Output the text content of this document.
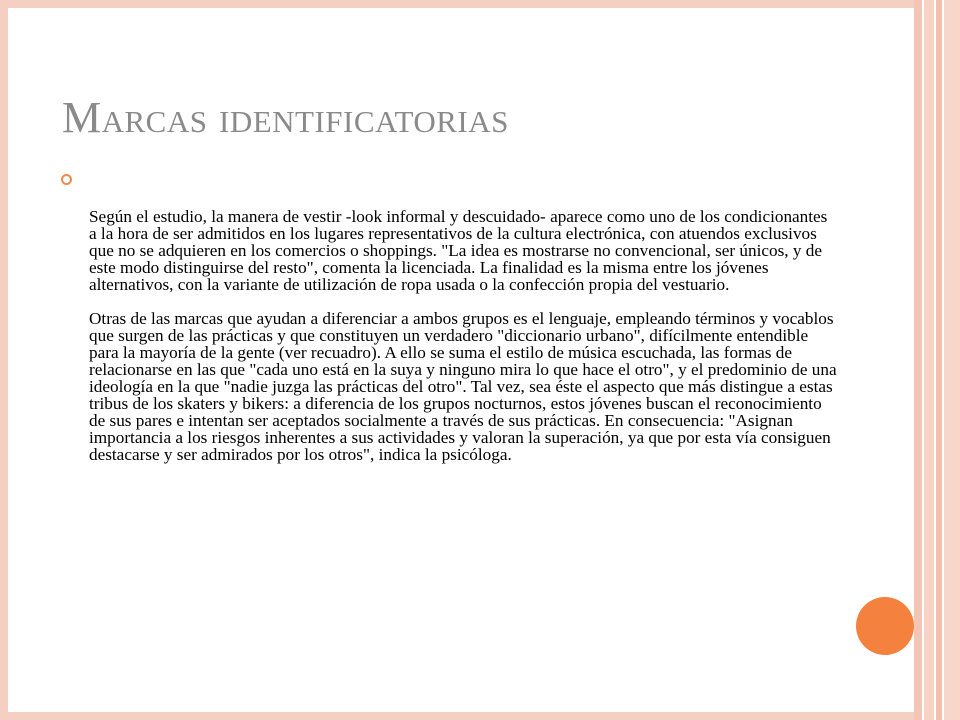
Marcas identificatorias

Según el estudio, la manera de vestir -look informal y descuidado- aparece como uno de los condicionantes a la hora de ser admitidos en los lugares representativos de la cultura electrónica, con atuendos exclusivos que no se adquieren en los comercios o shoppings. "La idea es mostrarse no convencional, ser únicos, y de este modo distinguirse del resto", comenta la licenciada. La finalidad es la misma entre los jóvenes alternativos, con la variante de utilización de ropa usada o la confección propia del vestuario.

Otras de las marcas que ayudan a diferenciar a ambos grupos es el lenguaje, empleando términos y vocablos que surgen de las prácticas y que constituyen un verdadero "diccionario urbano", difícilmente entendible para la mayoría de la gente (ver recuadro). A ello se suma el estilo de música escuchada, las formas de relacionarse en las que "cada uno está en la suya y ninguno mira lo que hace el otro", y el predominio de una ideología en la que "nadie juzga las prácticas del otro". Tal vez, sea éste el aspecto que más distingue a estas tribus de los skaters y bikers: a diferencia de los grupos nocturnos, estos jóvenes buscan el reconocimiento de sus pares e intentan ser aceptados socialmente a través de sus prácticas. En consecuencia: "Asignan importancia a los riesgos inherentes a sus actividades y valoran la superación, ya que por esta vía consiguen destacarse y ser admirados por los otros", indica la psicóloga.
